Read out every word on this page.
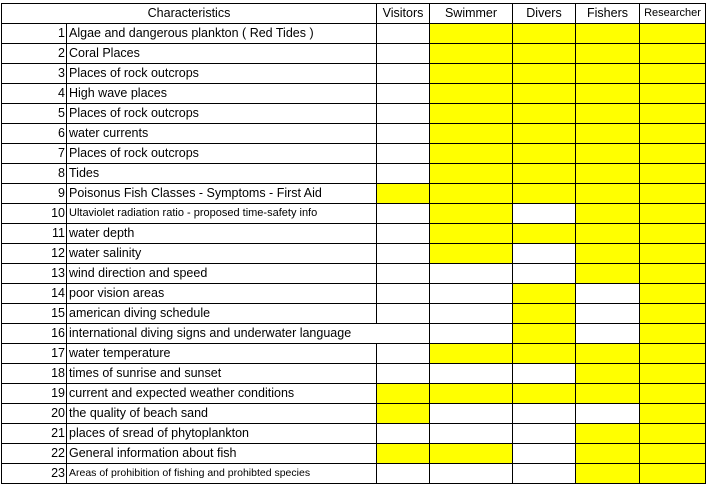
Characteristics		Visitors	Swimmer	Divers	Fishers	Researcher
1	Algae and dangerous plankton ( Red Tides )					
2	Coral Places					
3	Places of rock outcrops					
4	High wave places					
5	Places of rock outcrops					
6	water currents					
7	Places of rock outcrops					
8	Tides					
9	Poisonus Fish Classes - Symptoms - First Aid					
10	Ultaviolet radiation ratio - proposed time-safety info					
11	water depth					
12	water salinity					
13	wind direction and speed					
14	poor vision areas					
15	american diving schedule					
16	international diving signs and underwater language					
17	water temperature					
18	times of sunrise and sunset					
19	current and expected weather conditions					
20	the quality of beach sand					
21	places of sread of phytoplankton					
22	General information about fish					
23	Areas of prohibition of fishing and prohibted species					
